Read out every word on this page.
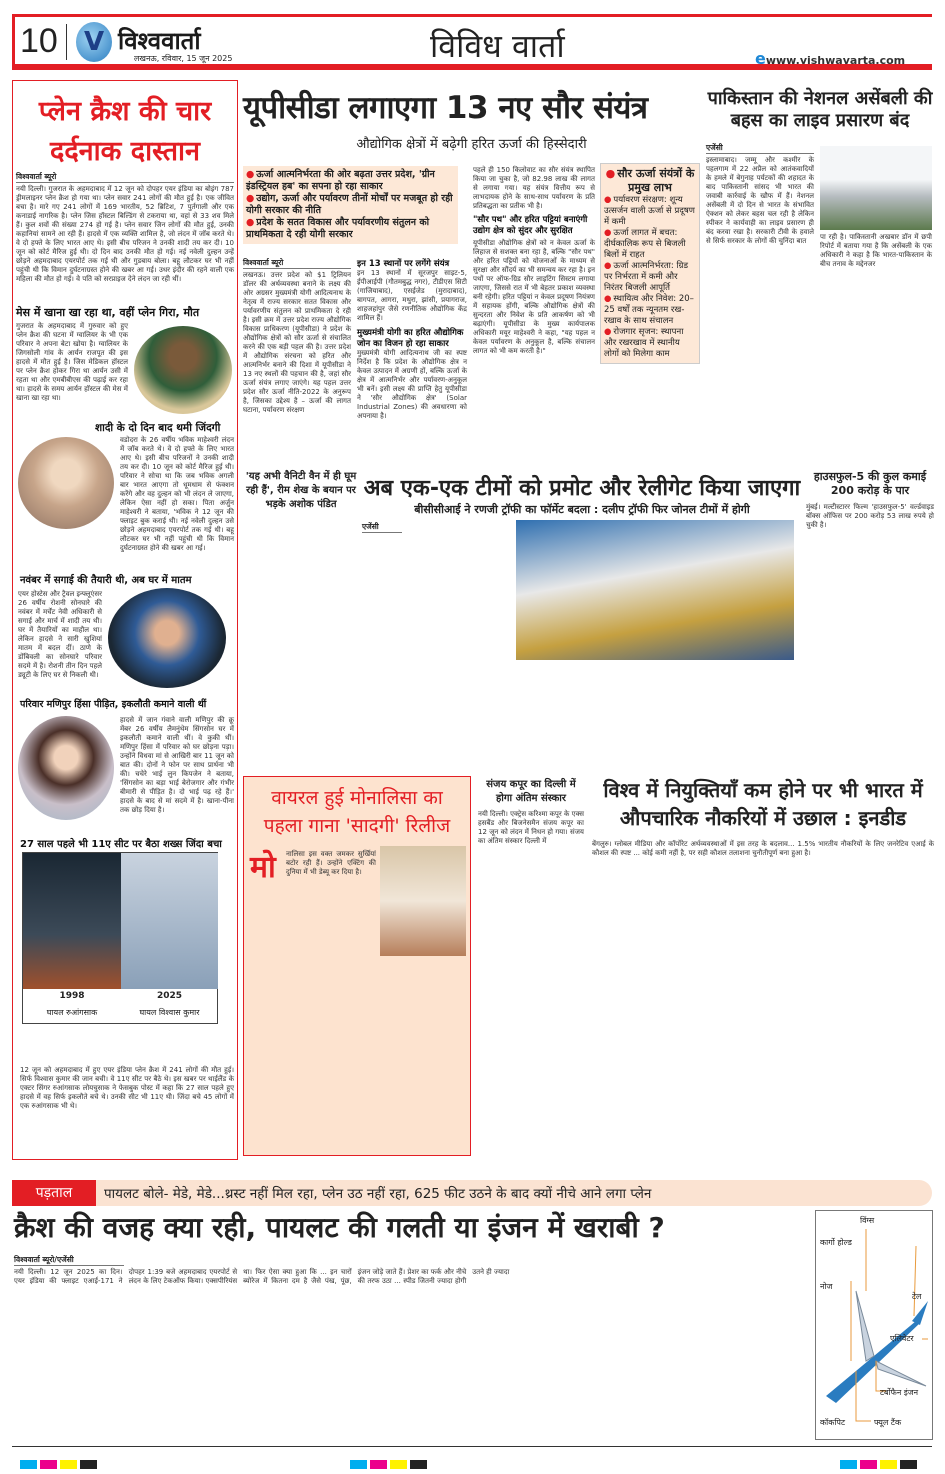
10	V विश्ववार्ता
लखनऊ, रविवार, 15 जून 2025	विविध वार्ता	ewww.vishwavarta.com
प्लेन क्रैश की चार दर्दनाक दास्तान
विश्ववार्ता ब्यूरो
नयी दिल्ली। गुजरात के अहमदाबाद में 12 जून को दोपहर एयर इंडिया का बोइंग 787 ड्रीमलाइनर प्लेन क्रैश हो गया था। प्लेन सवार 241 लोगों की मौत हुई है। एक जीवित बचा है। मारे गए 241 लोगों में 169 भारतीय, 52 ब्रिटिश, 7 पुर्तगाली और एक कनाडाई नागरिक है। प्लेन जिस हॉस्टल बिल्डिंग से टकराया था, वहां से 33 शव मिले हैं। कुल शवों की संख्या 274 हो गई है। प्लेन सवार जिन लोगों की मौत हुई, उनकी कहानियां सामने आ रही हैं। हादसे में एक व्यक्ति शामिल है, जो लंदन में जॉब करते थे। वे दो हफ्ते के लिए भारत आए थे। इसी बीच परिजन ने उनकी शादी तय कर दी। 10 जून को कोर्ट मैरिज हुई थी। दो दिन बाद उनकी मौत हो गई। नई नवेली दुल्हन उन्हें छोड़ने अहमदाबाद एयरपोर्ट तक गई थी और गुडबाय बोला। बहू लौटकर घर भी नहीं पहुंची थी कि विमान दुर्घटनाग्रस्त होने की खबर आ गई। उधर इंदौर की रहने वाली एक महिला की मौत हो गई। वे पति को सरप्राइज देने लंदन जा रही थीं।
मेस में खाना खा रहा था, वहीं प्लेन गिरा, मौत
गुजरात के अहमदाबाद में गुरुवार को हुए प्लेन क्रैश की घटना में ग्वालियर के भी एक परिवार ने अपना बेटा खोया है। ग्वालियर के जिगसोली गांव के आर्यन राजपूत की इस हादसे में मौत हुई है। जिस मेडिकल हॉस्टल पर प्लेन क्रैश होकर गिरा था आर्यन उसी में रहता था और एमबीबीएस की पढ़ाई कर रहा था। हादसे के समय आर्यन हॉस्टल की मेस में खाना खा रहा था।
शादी के दो दिन बाद थमी जिंदगी
वडोदरा के 26 वर्षीय भविक माहेश्वरी लंदन में जॉब करते थे। वे दो हफ्ते के लिए भारत आए थे। इसी बीच परिजनों ने उनकी शादी तय कर दी। 10 जून को कोर्ट मैरिज हुई थी। परिवार ने सोचा था कि जब भविक अगली बार भारत आएगा तो धूमधाम से फंक्शन करेंगे और वह दुल्हन को भी लंदन ले जाएगा, लेकिन ऐसा नहीं हो सका। पिता अर्जुन माहेश्वरी ने बताया, 'भविक ने 12 जून की फ्लाइट बुक कराई थी। नई नवेली दुल्हन उसे छोड़ने अहमदाबाद एयरपोर्ट तक गई थी। बहू लौटकर घर भी नहीं पहुंची थी कि विमान दुर्घटनाग्रस्त होने की खबर आ गई।
नवंबर में सगाई की तैयारी थी, अब घर में मातम
एयर होस्टेस और ट्रैवल इन्फ्लूएंसर 26 वर्षीय रोशनी सोनघारे की नवंबर में मर्चेंट नेवी अधिकारी से सगाई और मार्च में शादी तय थी। घर में तैयारियों का माहौल था। लेकिन हादसे ने सारी खुशियां मातम में बदल दीं। ठाणे के डोंबिवली का सोनघारे परिवार सदमे में है। रोशनी तीन दिन पहले ड्यूटी के लिए घर से निकली थी।
परिवार मणिपुर हिंसा पीड़ित, इकलौती कमाने वाली थीं
हादसे में जान गंवाने वाली मणिपुर की क्रू मेंबर 26 वर्षीय लैमनुंथेम सिंगसोन घर में इकलौती कमाने वाली थीं। वे कुकी थीं। मणिपुर हिंसा में परिवार को घर छोड़ना पड़ा। उन्होंने विधवा मां से आखिरी बार 11 जून को बात की। दोनों ने फोन पर साथ प्रार्थना भी की। चचेरे भाई लुन किपजेन ने बताया, 'सिंगसोन का बड़ा भाई बेरोजगार और गंभीर बीमारी से पीड़ित है। दो भाई पढ़ रहे हैं।' हादसे के बाद से मां सदमे में है। खाना-पीना तक छोड़ दिया है।
27 साल पहले भी 11ए सीट पर बैठा शख्स जिंदा बचा
1998
घायल रुआंगसाक
2025
घायल विश्वास कुमार
12 जून को अहमदाबाद में हुए एयर इंडिया प्लेन क्रैश में 241 लोगों की मौत हुई। सिर्फ विश्वास कुमार की जान बची। वे 11ए सीट पर बैठे थे। इस खबर पर थाईलैंड के एक्टर सिंगर रुआंगसाक लोयचुसाक ने फेसबुक पोस्ट में कहा कि 27 साल पहले हुए हादसे में वह सिर्फ इकलौते बचे थे। उनकी सीट भी 11ए थी। जिंदा बचे 45 लोगों में एक रुआंगसाक भी थे।
यूपीसीडा लगाएगा 13 नए सौर संयंत्र
औद्योगिक क्षेत्रों में बढ़ेगी हरित ऊर्जा की हिस्सेदारी
● ऊर्जा आत्मनिर्भरता की ओर बढ़ता उत्तर प्रदेश, 'ग्रीन इंडस्ट्रियल हब' का सपना हो रहा साकार
● उद्योग, ऊर्जा और पर्यावरण तीनों मोर्चों पर मजबूत हो रही योगी सरकार की नीति
● प्रदेश के सतत विकास और पर्यावरणीय संतुलन को प्राथमिकता दे रही योगी सरकार
विश्ववार्ता ब्यूरो
लखनऊ। उत्तर प्रदेश को $1 ट्रिलियन डॉलर की अर्थव्यवस्था बनाने के लक्ष्य की ओर अग्रसर मुख्यमंत्री योगी आदित्यनाथ के नेतृत्व में राज्य सरकार सतत विकास और पर्यावरणीय संतुलन को प्राथमिकता दे रही है। इसी क्रम में उत्तर प्रदेश राज्य औद्योगिक विकास प्राधिकरण (यूपीसीडा) ने प्रदेश के औद्योगिक क्षेत्रों को सौर ऊर्जा से संचालित करने की एक बड़ी पहल की है। उत्तर प्रदेश में औद्योगिक संरचना को हरित और आत्मनिर्भर बनाने की दिशा में यूपीसीडा ने 13 नए स्थलों की पहचान की है, जहां सौर ऊर्जा संयंत्र लगाए जाएंगे। यह पहल उत्तर प्रदेश सौर ऊर्जा नीति-2022 के अनुरूप है, जिसका उद्देश्य है – ऊर्जा की लागत घटाना, पर्यावरण संरक्षण
इन 13 स्थानों पर लगेंगे संयंत्र
इन 13 स्थानों में सूरजपुर साइट-5, ईपीआईपी (गौतमबुद्ध नगर), टीडीएस सिटी (गाजियाबाद), एसईजेड (मुरादाबाद), बागपत, आगरा, मथुरा, झांसी, प्रयागराज, शाहजहांपुर जैसे रणनीतिक औद्योगिक केंद्र शामिल हैं।
मुख्यमंत्री योगी का हरित औद्योगिक जोन का विजन हो रहा साकार
मुख्यमंत्री योगी आदित्यनाथ जी का स्पष्ट निर्देश है कि प्रदेश के औद्योगिक क्षेत्र न केवल उत्पादन में अग्रणी हों, बल्कि ऊर्जा के क्षेत्र में आत्मनिर्भर और पर्यावरण-अनुकूल भी बनें। इसी लक्ष्य की प्राप्ति हेतु यूपीसीडा ने 'सौर औद्योगिक क्षेत्र' (Solar Industrial Zones) की अवधारणा को अपनाया है।
पहले ही 150 किलोवाट का सौर संयंत्र स्थापित किया जा चुका है, जो 82.98 लाख की लागत से लगाया गया। यह संयंत्र वित्तीय रूप से लाभदायक होने के साथ-साथ पर्यावरण के प्रति प्रतिबद्धता का प्रतीक भी है।
"सौर पथ" और हरित पट्टियां बनाएंगी उद्योग क्षेत्र को सुंदर और सुरक्षित
यूपीसीडा औद्योगिक क्षेत्रों को न केवल ऊर्जा के लिहाज से सशक्त बना रहा है, बल्कि "सौर पथ" और हरित पट्टियों को योजनाओं के माध्यम से सुरक्षा और सौंदर्य का भी समन्वय कर रहा है। इन पथों पर ऑफ-ग्रिड सौर लाइटिंग सिस्टम लगाया जाएगा, जिससे रात में भी बेहतर प्रकाश व्यवस्था बनी रहेगी। हरित पट्टियां न केवल प्रदूषण नियंत्रण में सहायक होंगी, बल्कि औद्योगिक क्षेत्रों की सुन्दरता और निवेश के प्रति आकर्षण को भी बढ़ाएंगी। यूपीसीडा के मुख्य कार्यपालक अधिकारी मयूर माहेश्वरी ने कहा, "यह पहल न केवल पर्यावरण के अनुकूल है, बल्कि संचालन लागत को भी कम करती है।"
● सौर ऊर्जा संयंत्रों के प्रमुख लाभ
● पर्यावरण संरक्षण: शून्य उत्सर्जन वाली ऊर्जा से प्रदूषण में कमी
● ऊर्जा लागत में बचत: दीर्घकालिक रूप से बिजली बिलों में राहत
● ऊर्जा आत्मनिर्भरता: ग्रिड पर निर्भरता में कमी और निरंतर बिजली आपूर्ति
● स्थायित्व और निवेश: 20–25 वर्षों तक न्यूनतम रख-रखाव के साथ संचालन
● रोजगार सृजन: स्थापना और रखरखाव में स्थानीय लोगों को मिलेगा काम
पाकिस्तान की नेशनल असेंबली की बहस का लाइव प्रसारण बंद
एजेंसी
इस्लामाबाद। जम्मू और कश्मीर के पहलगाम में 22 अप्रैल को आतंकवादियों के हमले में बेगुनाह पर्यटकों की शहादत के बाद पाकिस्तानी सांसद भी भारत की जवाबी कार्रवाई के खौफ में हैं। नेशनल असेंबली में दो दिन से भारत के संभावित ऐक्शन को लेकर बहस चल रही है लेकिन स्पीकर ने कार्यवाही का लाइव प्रसारण ही बंद करवा रखा है। सरकारी टीवी के हवाले से सिर्फ सरकार के लोगों की चुनिंदा बात	पा रही है। पाकिस्तानी अखबार डॉन में छपी रिपोर्ट में बताया गया है कि असेंबली के एक अधिकारी ने कहा है कि भारत-पाकिस्तान के बीच तनाव के मद्देनजर
'यह अभी वैनिटी वैन में ही घूम रही हैं', रीम शेख के बयान पर भड़के अशोक पंडित
अब एक-एक टीमों को प्रमोट और रेलीगेट किया जाएगा
बीसीसीआई ने रणजी ट्रॉफी का फॉर्मेट बदला : दलीप ट्रॉफी फिर जोनल टीमों में होगी
एजेंसी
हाउसफुल-5 की कुल कमाई 200 करोड़ के पार
मुंबई। मल्टीस्टारर फिल्म 'हाउसफुल-5' वर्ल्डवाइड बॉक्स ऑफिस पर 200 करोड़ 53 लाख रुपये हो चुकी है।
वायरल हुई मोनालिसा का पहला गाना 'सादगी' रिलीज
मो नालिसा इस वक्त जमकर सुर्खियां बटोर रही हैं। उन्होंने एक्टिंग की दुनिया में भी डेब्यू कर दिया है।
संजय कपूर का दिल्ली में होगा अंतिम संस्कार
नयी दिल्ली। एक्ट्रेस करिश्मा कपूर के एक्स हसबैंड और बिजनेसमैन संजय कपूर का 12 जून को लंदन में निधन हो गया। संजय का अंतिम संस्कार दिल्ली में
विश्व में नियुक्तियाँ कम होने पर भी भारत में औपचारिक नौकरियों में उछाल : इनडीड
बेंगलुरु। ग्लोबल मीडिया और कॉर्पोरेट अर्थव्यवस्थाओं में इस तरह के बदलाव... 1.5% भारतीय नौकरियों के लिए जनरेटिव एआई के कौशल की स्पष्ट ... कोई कमी नहीं है, पर सही कौशल तलाशना चुनौतीपूर्ण बना हुआ है।
पड़ताल	पायलट बोले- मेडे, मेडे...थ्रस्ट नहीं मिल रहा, प्लेन उठ नहीं रहा, 625 फीट उठने के बाद क्यों नीचे आने लगा प्लेन
क्रैश की वजह क्या रही, पायलट की गलती या इंजन में खराबी ?
विश्ववार्ता ब्यूरो/एजेंसी
नयी दिल्ली। 12 जून 2025 का दिन। एयर इंडिया की फ्लाइट एआई-171 ने दोपहर 1:39 बजे अहमदाबाद एयरपोर्ट से लंदन के लिए टेकऑफ किया। एक्सपीरियंस था। फिर ऐसा क्या हुआ कि ... इन चारों ब्योरेज में कितना दम है जैसे पंख, पूंछ, इंजन जोड़े जाते हैं। प्रेशर का फर्क और नीचे की तरफ उठा ... स्पीड जितनी ज्यादा होगी उतने ही ज्यादा
विंग्स
कार्गो होल्ड
नोज
टेल
एलिवेटर
टर्बोफैन इंजन
कॉकपिट	फ्यूल टैंक
